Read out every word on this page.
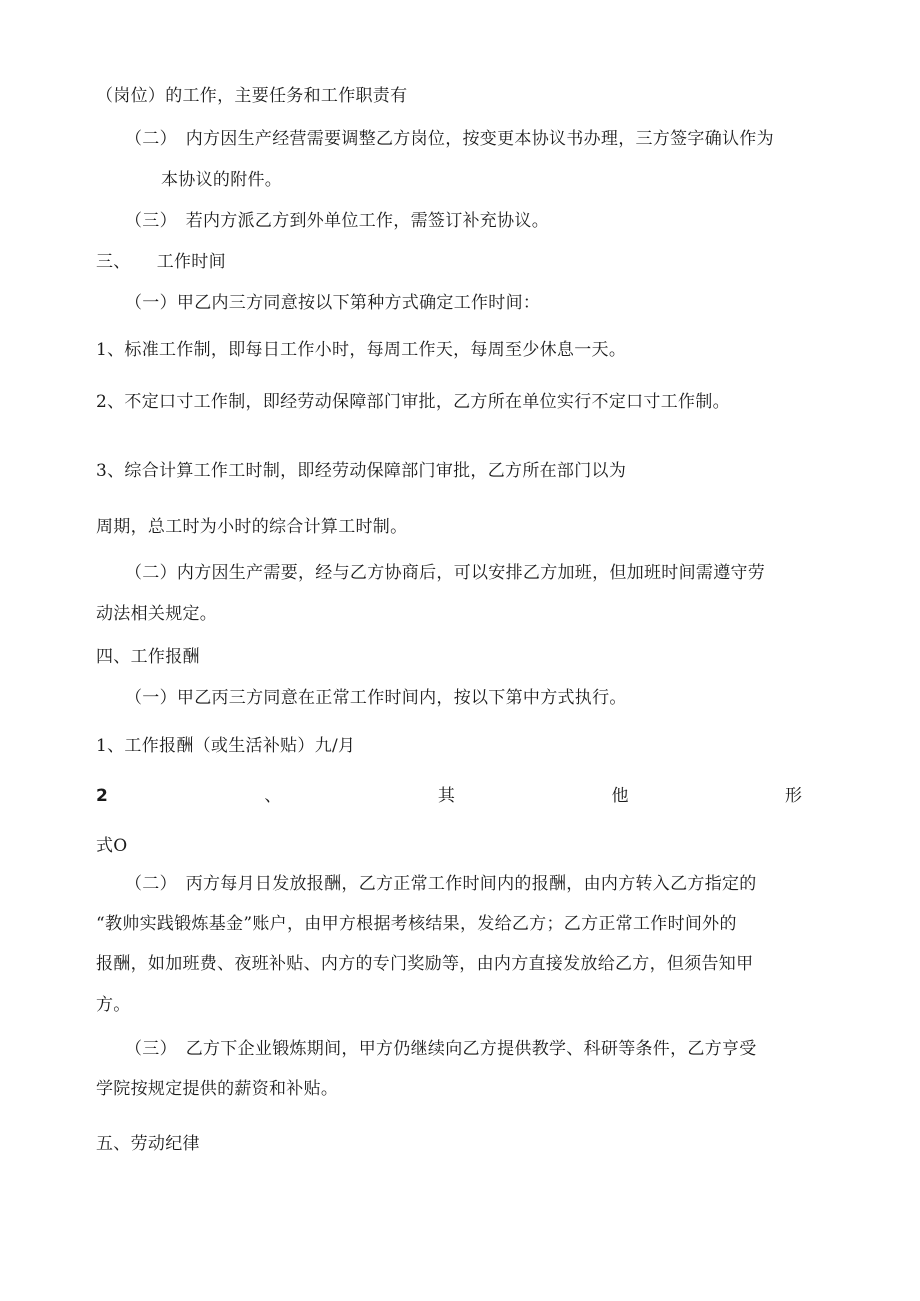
（岗位）的工作，主要任务和工作职责有
（二）　内方因生产经营需要调整乙方岗位，按变更本协议书办理，三方签字确认作为
本协议的附件。
（三）　若内方派乙方到外单位工作，需签订补充协议。
三、　　工作时间
（一）甲乙内三方同意按以下第种方式确定工作时间：
1、标准工作制，即每日工作小时，每周工作天，每周至少休息一天。
2、不定口寸工作制，即经劳动保障部门审批，乙方所在单位实行不定口寸工作制。
3、综合计算工作工时制，即经劳动保障部门审批，乙方所在部门以为
周期，总工时为小时的综合计算工时制。
（二）内方因生产需要，经与乙方协商后，可以安排乙方加班，但加班时间需遵守劳
动法相关规定。
四、工作报酬
（一）甲乙丙三方同意在正常工作时间内，按以下第中方式执行。
1、工作报酬（或生活补贴）九/月
2	、	其	他	形
式O
（二）　丙方每月日发放报酬，乙方正常工作时间内的报酬，由内方转入乙方指定的
“教帅实践锻炼基金”账户，由甲方根据考核结果，发给乙方；乙方正常工作时间外的
报酬，如加班费、夜班补贴、内方的专门奖励等，由内方直接发放给乙方，但须告知甲
方。
（三）　乙方下企业锻炼期间，甲方仍继续向乙方提供教学、科研等条件，乙方亨受
学院按规定提供的薪资和补贴。
五、劳动纪律
